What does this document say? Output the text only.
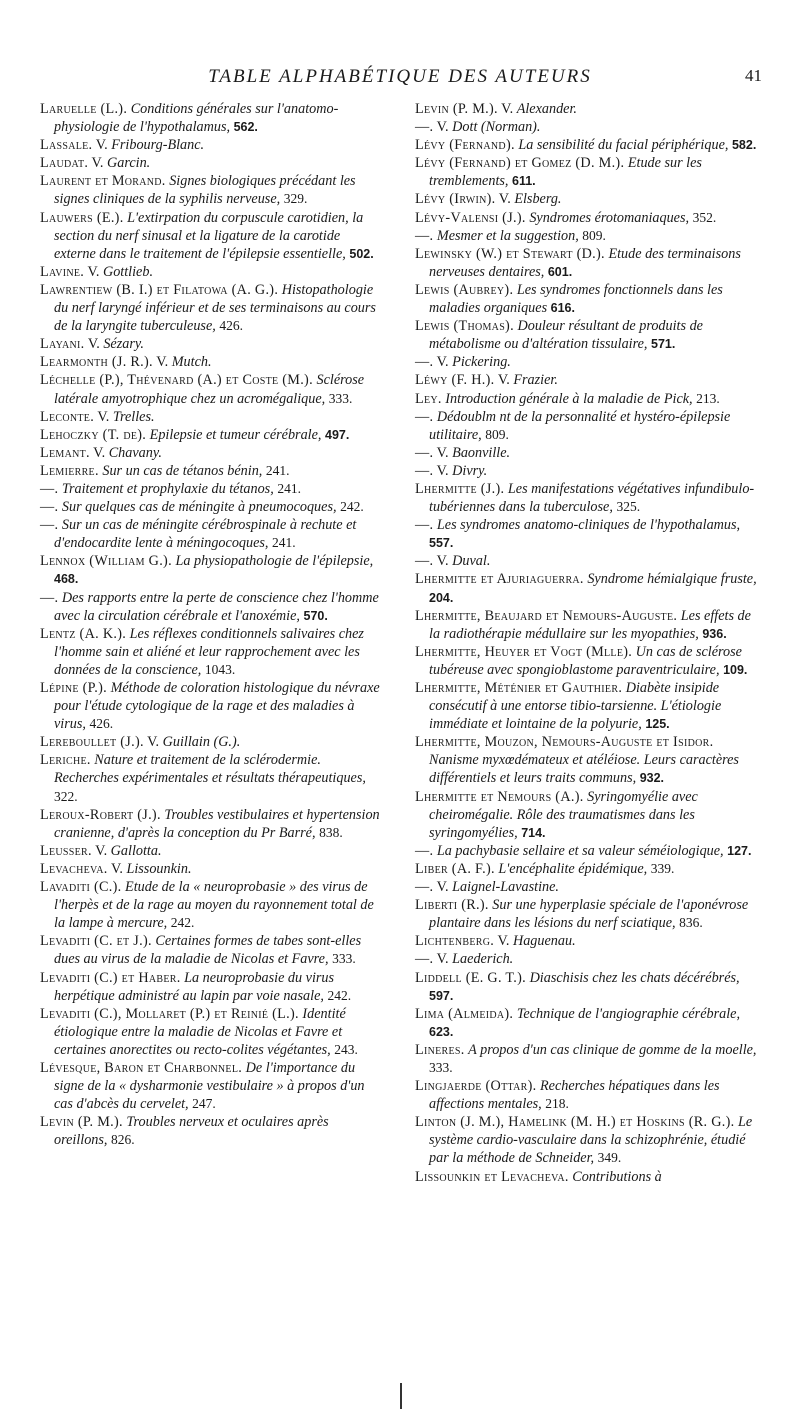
TABLE ALPHABÉTIQUE DES AUTEURS	41

Laruelle (L.). Conditions générales sur l'anatomo-physiologie de l'hypothalamus, 562.

Lassale. V. Fribourg-Blanc.

Laudat. V. Garcin.

Laurent et Morand. Signes biologiques précédant les signes cliniques de la syphilis nerveuse, 329.

Lauwers (E.). L'extirpation du corpuscule carotidien, la section du nerf sinusal et la ligature de la carotide externe dans le traitement de l'épilepsie essentielle, 502.

Lavine. V. Gottlieb.

Lawrentiew (B. I.) et Filatowa (A. G.). Histopathologie du nerf laryngé inférieur et de ses terminaisons au cours de la laryngite tuberculeuse, 426.

Layani. V. Sézary.

Learmonth (J. R.). V. Mutch.

Léchelle (P.), Thévenard (A.) et Coste (M.). Sclérose latérale amyotrophique chez un acromégalique, 333.

Leconte. V. Trelles.

Lehoczky (T. de). Epilepsie et tumeur cérébrale, 497.

Lemant. V. Chavany.

Lemierre. Sur un cas de tétanos bénin, 241.

—. Traitement et prophylaxie du tétanos, 241.

—. Sur quelques cas de méningite à pneumocoques, 242.

—. Sur un cas de méningite cérébrospinale à rechute et d'endocardite lente à méningocoques, 241.

Lennox (William G.). La physiopathologie de l'épilepsie, 468.

—. Des rapports entre la perte de conscience chez l'homme avec la circulation cérébrale et l'anoxémie, 570.

Lentz (A. K.). Les réflexes conditionnels salivaires chez l'homme sain et aliéné et leur rapprochement avec les données de la conscience, 1043.

Lépine (P.). Méthode de coloration histologique du névraxe pour l'étude cytologique de la rage et des maladies à virus, 426.

Lereboullet (J.). V. Guillain (G.).

Leriche. Nature et traitement de la sclérodermie. Recherches expérimentales et résultats thérapeutiques, 322.

Leroux-Robert (J.). Troubles vestibulaires et hypertension cranienne, d'après la conception du Pr Barré, 838.

Leusser. V. Gallotta.

Levacheva. V. Lissounkin.

Lavaditi (C.). Etude de la « neuroprobasie » des virus de l'herpès et de la rage au moyen du rayonnement total de la lampe à mercure, 242.

Levaditi (C. et J.). Certaines formes de tabes sont-elles dues au virus de la maladie de Nicolas et Favre, 333.

Levaditi (C.) et Haber. La neuroprobasie du virus herpétique administré au lapin par voie nasale, 242.

Levaditi (C.), Mollaret (P.) et Reinié (L.). Identité étiologique entre la maladie de Nicolas et Favre et certaines anorectites ou recto-colites végétantes, 243.

Lévesque, Baron et Charbonnel. De l'importance du signe de la « dysharmonie vestibulaire » à propos d'un cas d'abcès du cervelet, 247.

Levin (P. M.). Troubles nerveux et oculaires après oreillons, 826.

Levin (P. M.). V. Alexander.

—. V. Dott (Norman).

Lévy (Fernand). La sensibilité du facial périphérique, 582.

Lévy (Fernand) et Gomez (D. M.). Etude sur les tremblements, 611.

Lévy (Irwin). V. Elsberg.

Lévy-Valensi (J.). Syndromes érotomaniaques, 352.

—. Mesmer et la suggestion, 809.

Lewinsky (W.) et Stewart (D.). Etude des terminaisons nerveuses dentaires, 601.

Lewis (Aubrey). Les syndromes fonctionnels dans les maladies organiques 616.

Lewis (Thomas). Douleur résultant de produits de métabolisme ou d'altération tissulaire, 571.

—. V. Pickering.

Léwy (F. H.). V. Frazier.

Ley. Introduction générale à la maladie de Pick, 213.

—. Dédoublm nt de la personnalité et hystéro-épilepsie utilitaire, 809.

—. V. Baonville.

—. V. Divry.

Lhermitte (J.). Les manifestations végétatives infundibulo-tubériennes dans la tuberculose, 325.

—. Les syndromes anatomo-cliniques de l'hypothalamus, 557.

—. V. Duval.

Lhermitte et Ajuriaguerra. Syndrome hémialgique fruste, 204.

Lhermitte, Beaujard et Nemours-Auguste. Les effets de la radiothérapie médullaire sur les myopathies, 936.

Lhermitte, Heuyer et Vogt (Mlle). Un cas de sclérose tubéreuse avec spongioblastome paraventriculaire, 109.

Lhermitte, Méténier et Gauthier. Diabète insipide consécutif à une entorse tibio-tarsienne. L'étiologie immédiate et lointaine de la polyurie, 125.

Lhermitte, Mouzon, Nemours-Auguste et Isidor. Nanisme myxœdémateux et atéléiose. Leurs caractères différentiels et leurs traits communs, 932.

Lhermitte et Nemours (A.). Syringomyélie avec cheiromégalie. Rôle des traumatismes dans les syringomyélies, 714.

—. La pachybasie sellaire et sa valeur séméiologique, 127.

Liber (A. F.). L'encéphalite épidémique, 339.

—. V. Laignel-Lavastine.

Liberti (R.). Sur une hyperplasie spéciale de l'aponévrose plantaire dans les lésions du nerf sciatique, 836.

Lichtenberg. V. Haguenau.

—. V. Laederich.

Liddell (E. G. T.). Diaschisis chez les chats décérébrés, 597.

Lima (Almeida). Technique de l'angiographie cérébrale, 623.

Lineres. A propos d'un cas clinique de gomme de la moelle, 333.

Lingjaerde (Ottar). Recherches hépatiques dans les affections mentales, 218.

Linton (J. M.), Hamelink (M. H.) et Hoskins (R. G.). Le système cardio-vasculaire dans la schizophrénie, étudié par la méthode de Schneider, 349.

Lissounkin et Levacheva. Contributions à
